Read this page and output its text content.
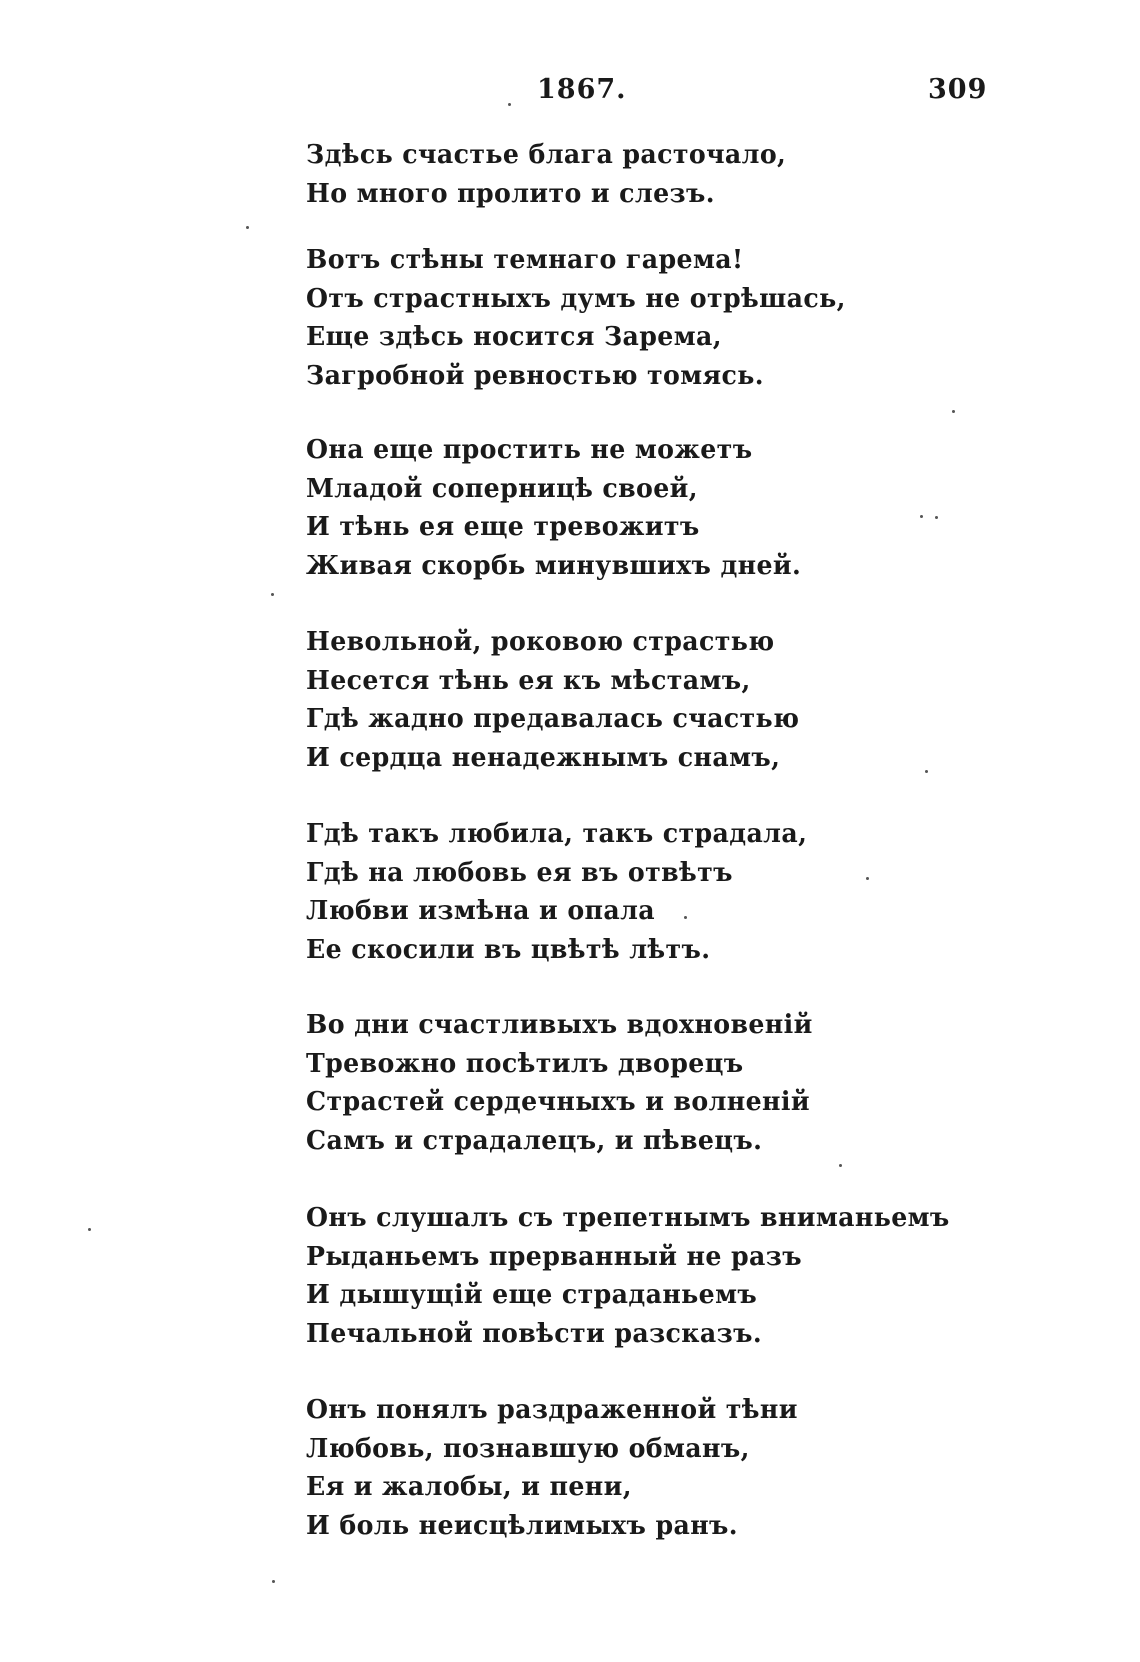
1867.	309
Здѣсь счастье блага расточало,
Но много пролито и слезъ.
Вотъ стѣны темнаго гарема!
Отъ страстныхъ думъ не отрѣшась,
Еще здѣсь носится Зарема,
Загробной ревностью томясь.
Она еще простить не можетъ
Младой соперницѣ своей,
И тѣнь ея еще тревожитъ
Живая скорбь минувшихъ дней.
Невольной, роковою страстью
Несется тѣнь ея къ мѣстамъ,
Гдѣ жадно предавалась счастью
И сердца ненадежнымъ снамъ,
Гдѣ такъ любила, такъ страдала,
Гдѣ на любовь ея въ отвѣтъ
Любви измѣна и опала
Ее скосили въ цвѣтѣ лѣтъ.
Во дни счастливыхъ вдохновеній
Тревожно посѣтилъ дворецъ
Страстей сердечныхъ и волненій
Самъ и страдалецъ, и пѣвецъ.
Онъ слушалъ съ трепетнымъ вниманьемъ
Рыданьемъ прерванный не разъ
И дышущій еще страданьемъ
Печальной повѣсти разсказъ.
Онъ понялъ раздраженной тѣни
Любовь, познавшую обманъ,
Ея и жалобы, и пени,
И боль неисцѣлимыхъ ранъ.
